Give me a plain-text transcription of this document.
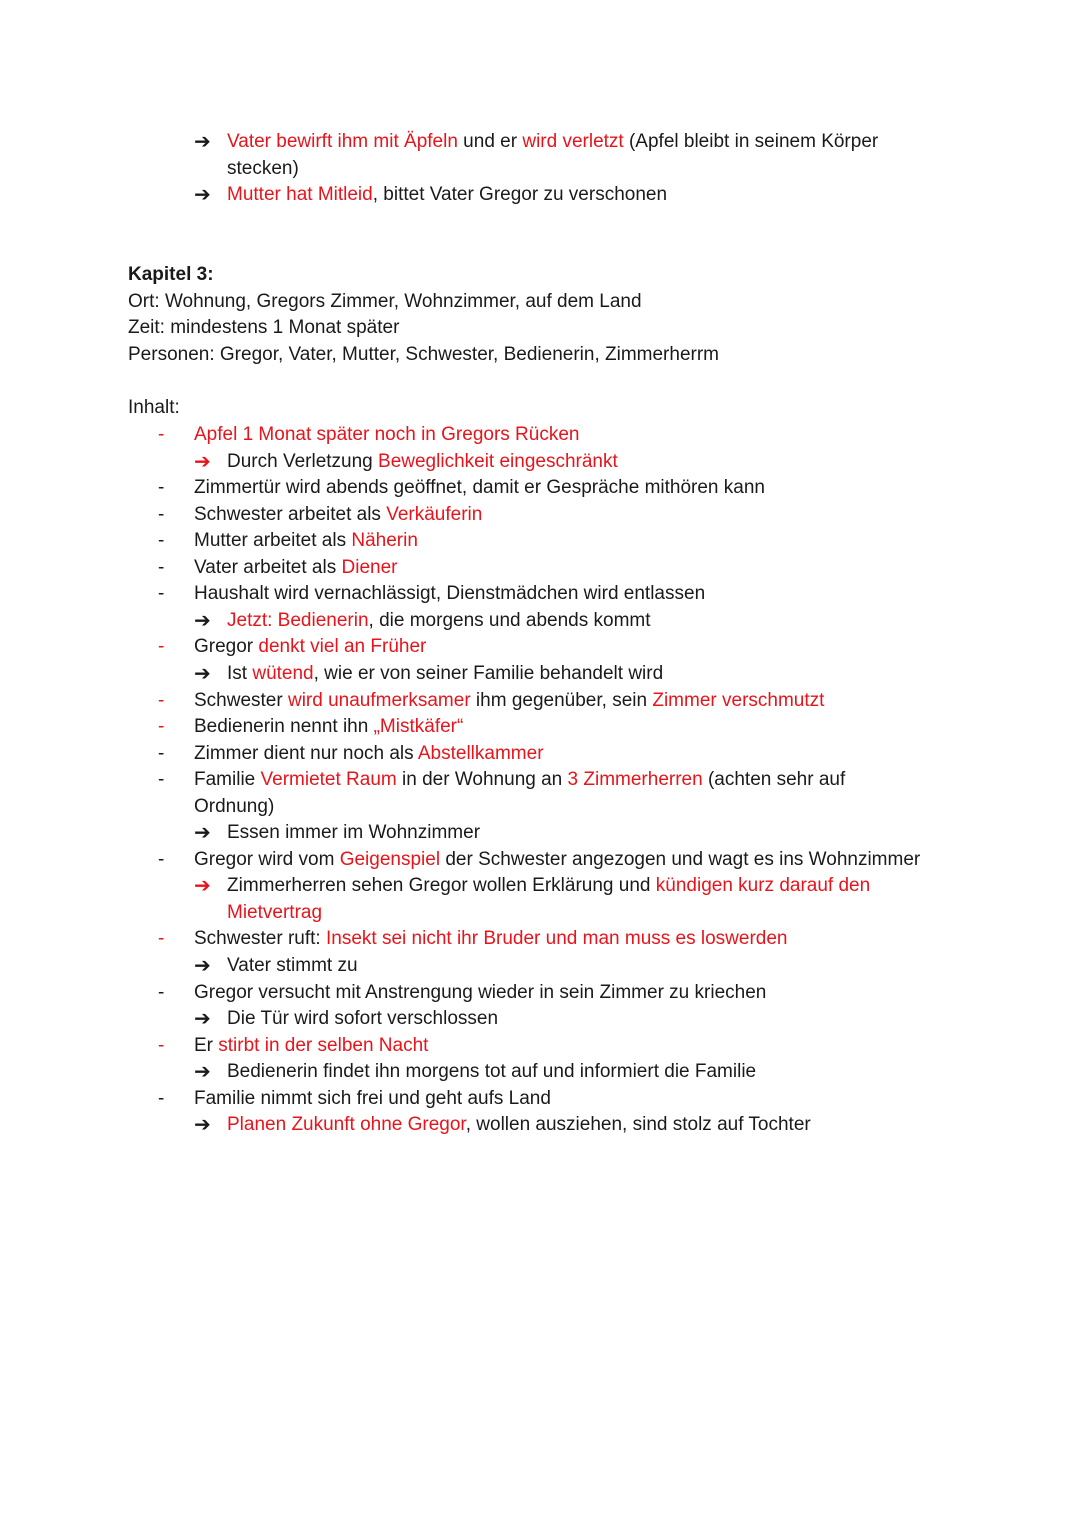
➔ Vater bewirft ihm mit Äpfeln und er wird verletzt (Apfel bleibt in seinem Körper
stecken)
➔ Mutter hat Mitleid, bittet Vater Gregor zu verschonen
Kapitel 3:
Ort: Wohnung, Gregors Zimmer, Wohnzimmer, auf dem Land
Zeit: mindestens 1 Monat später
Personen: Gregor, Vater, Mutter, Schwester, Bedienerin, Zimmerherrm
Inhalt:
- Apfel 1 Monat später noch in Gregors Rücken
➔ Durch Verletzung Beweglichkeit eingeschränkt
- Zimmertür wird abends geöffnet, damit er Gespräche mithören kann
- Schwester arbeitet als Verkäuferin
- Mutter arbeitet als Näherin
- Vater arbeitet als Diener
- Haushalt wird vernachlässigt, Dienstmädchen wird entlassen
➔ Jetzt: Bedienerin, die morgens und abends kommt
- Gregor denkt viel an Früher
➔ Ist wütend, wie er von seiner Familie behandelt wird
- Schwester wird unaufmerksamer ihm gegenüber, sein Zimmer verschmutzt
- Bedienerin nennt ihn „Mistkäfer“
- Zimmer dient nur noch als Abstellkammer
- Familie Vermietet Raum in der Wohnung an 3 Zimmerherren (achten sehr auf
Ordnung)
➔ Essen immer im Wohnzimmer
- Gregor wird vom Geigenspiel der Schwester angezogen und wagt es ins Wohnzimmer
➔ Zimmerherren sehen Gregor wollen Erklärung und kündigen kurz darauf den
Mietvertrag
- Schwester ruft: Insekt sei nicht ihr Bruder und man muss es loswerden
➔ Vater stimmt zu
- Gregor versucht mit Anstrengung wieder in sein Zimmer zu kriechen
➔ Die Tür wird sofort verschlossen
- Er stirbt in der selben Nacht
➔ Bedienerin findet ihn morgens tot auf und informiert die Familie
- Familie nimmt sich frei und geht aufs Land
➔ Planen Zukunft ohne Gregor, wollen ausziehen, sind stolz auf Tochter
